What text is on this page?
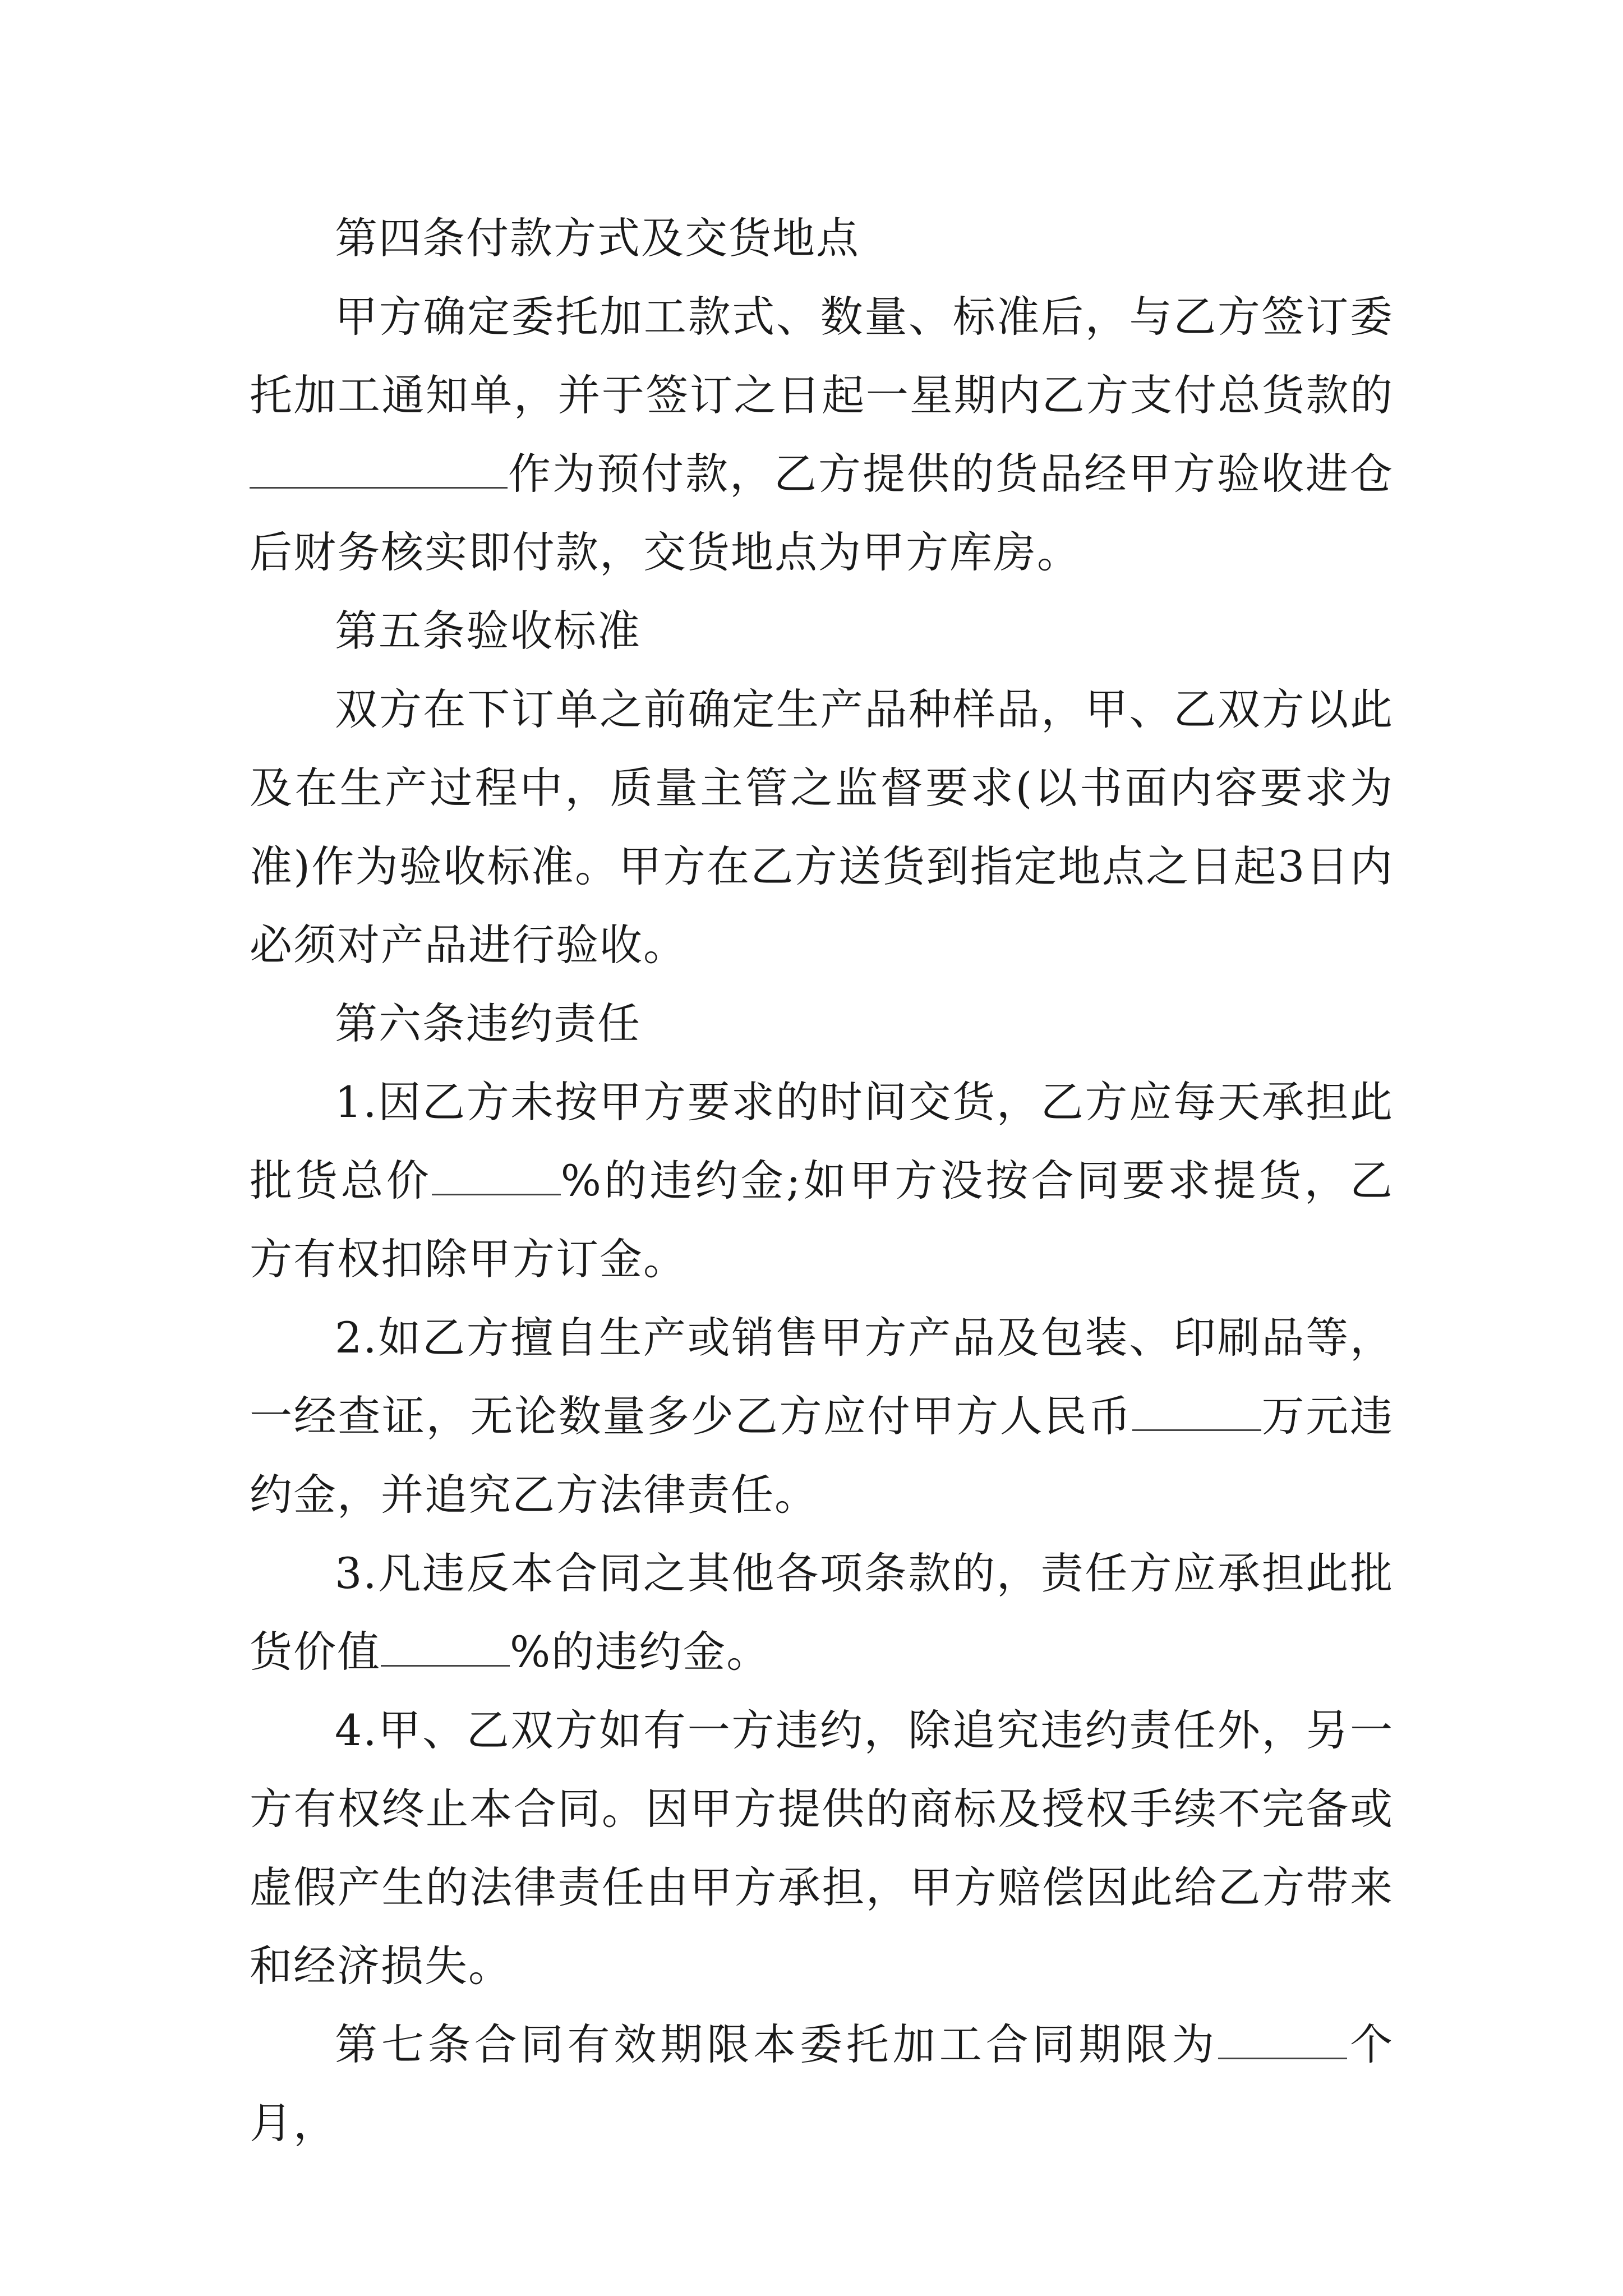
第四条付款方式及交货地点

甲方确定委托加工款式、数量、标准后，与乙方签订委托加工通知单，并于签订之日起一星期内乙方支付总货款的作为预付款，乙方提供的货品经甲方验收进仓后财务核实即付款，交货地点为甲方库房。

第五条验收标准

双方在下订单之前确定生产品种样品，甲、乙双方以此及在生产过程中，质量主管之监督要求(以书面内容要求为准)作为验收标准。甲方在乙方送货到指定地点之日起3日内必须对产品进行验收。

第六条违约责任

1.因乙方未按甲方要求的时间交货，乙方应每天承担此批货总价	%的违约金;如甲方没按合同要求提货，乙方有权扣除甲方订金。

2.如乙方擅自生产或销售甲方产品及包装、印刷品等，一经查证，无论数量多少乙方应付甲方人民币	万元违约金，并追究乙方法律责任。

3.凡违反本合同之其他各项条款的，责任方应承担此批货价值	%的违约金。

4.甲、乙双方如有一方违约，除追究违约责任外，另一方有权终止本合同。因甲方提供的商标及授权手续不完备或虚假产生的法律责任由甲方承担，甲方赔偿因此给乙方带来和经济损失。

第七条合同有效期限本委托加工合同期限为	个月，
